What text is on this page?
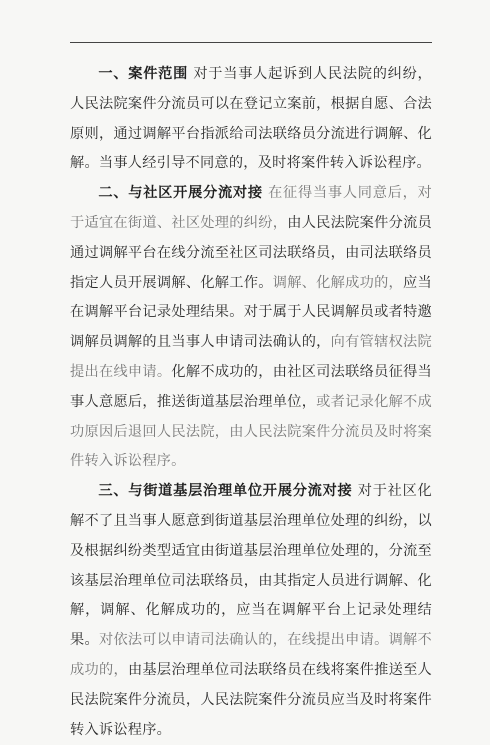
一、案件范围 对于当事人起诉到人民法院的纠纷，人民法院案件分流员可以在登记立案前，根据自愿、合法原则，通过调解平台指派给司法联络员分流进行调解、化解。当事人经引导不同意的，及时将案件转入诉讼程序。

二、与社区开展分流对接 在征得当事人同意后，对于适宜在街道、社区处理的纠纷，由人民法院案件分流员通过调解平台在线分流至社区司法联络员，由司法联络员指定人员开展调解、化解工作。调解、化解成功的，应当在调解平台记录处理结果。对于属于人民调解员或者特邀调解员调解的且当事人申请司法确认的，向有管辖权法院提出在线申请。化解不成功的，由社区司法联络员征得当事人意愿后，推送街道基层治理单位，或者记录化解不成功原因后退回人民法院，由人民法院案件分流员及时将案件转入诉讼程序。

三、与街道基层治理单位开展分流对接 对于社区化解不了且当事人愿意到街道基层治理单位处理的纠纷，以及根据纠纷类型适宜由街道基层治理单位处理的，分流至该基层治理单位司法联络员，由其指定人员进行调解、化解，调解、化解成功的，应当在调解平台上记录处理结果。对依法可以申请司法确认的，在线提出申请。调解不成功的，由基层治理单位司法联络员在线将案件推送至人民法院案件分流员，人民法院案件分流员应当及时将案件转入诉讼程序。
